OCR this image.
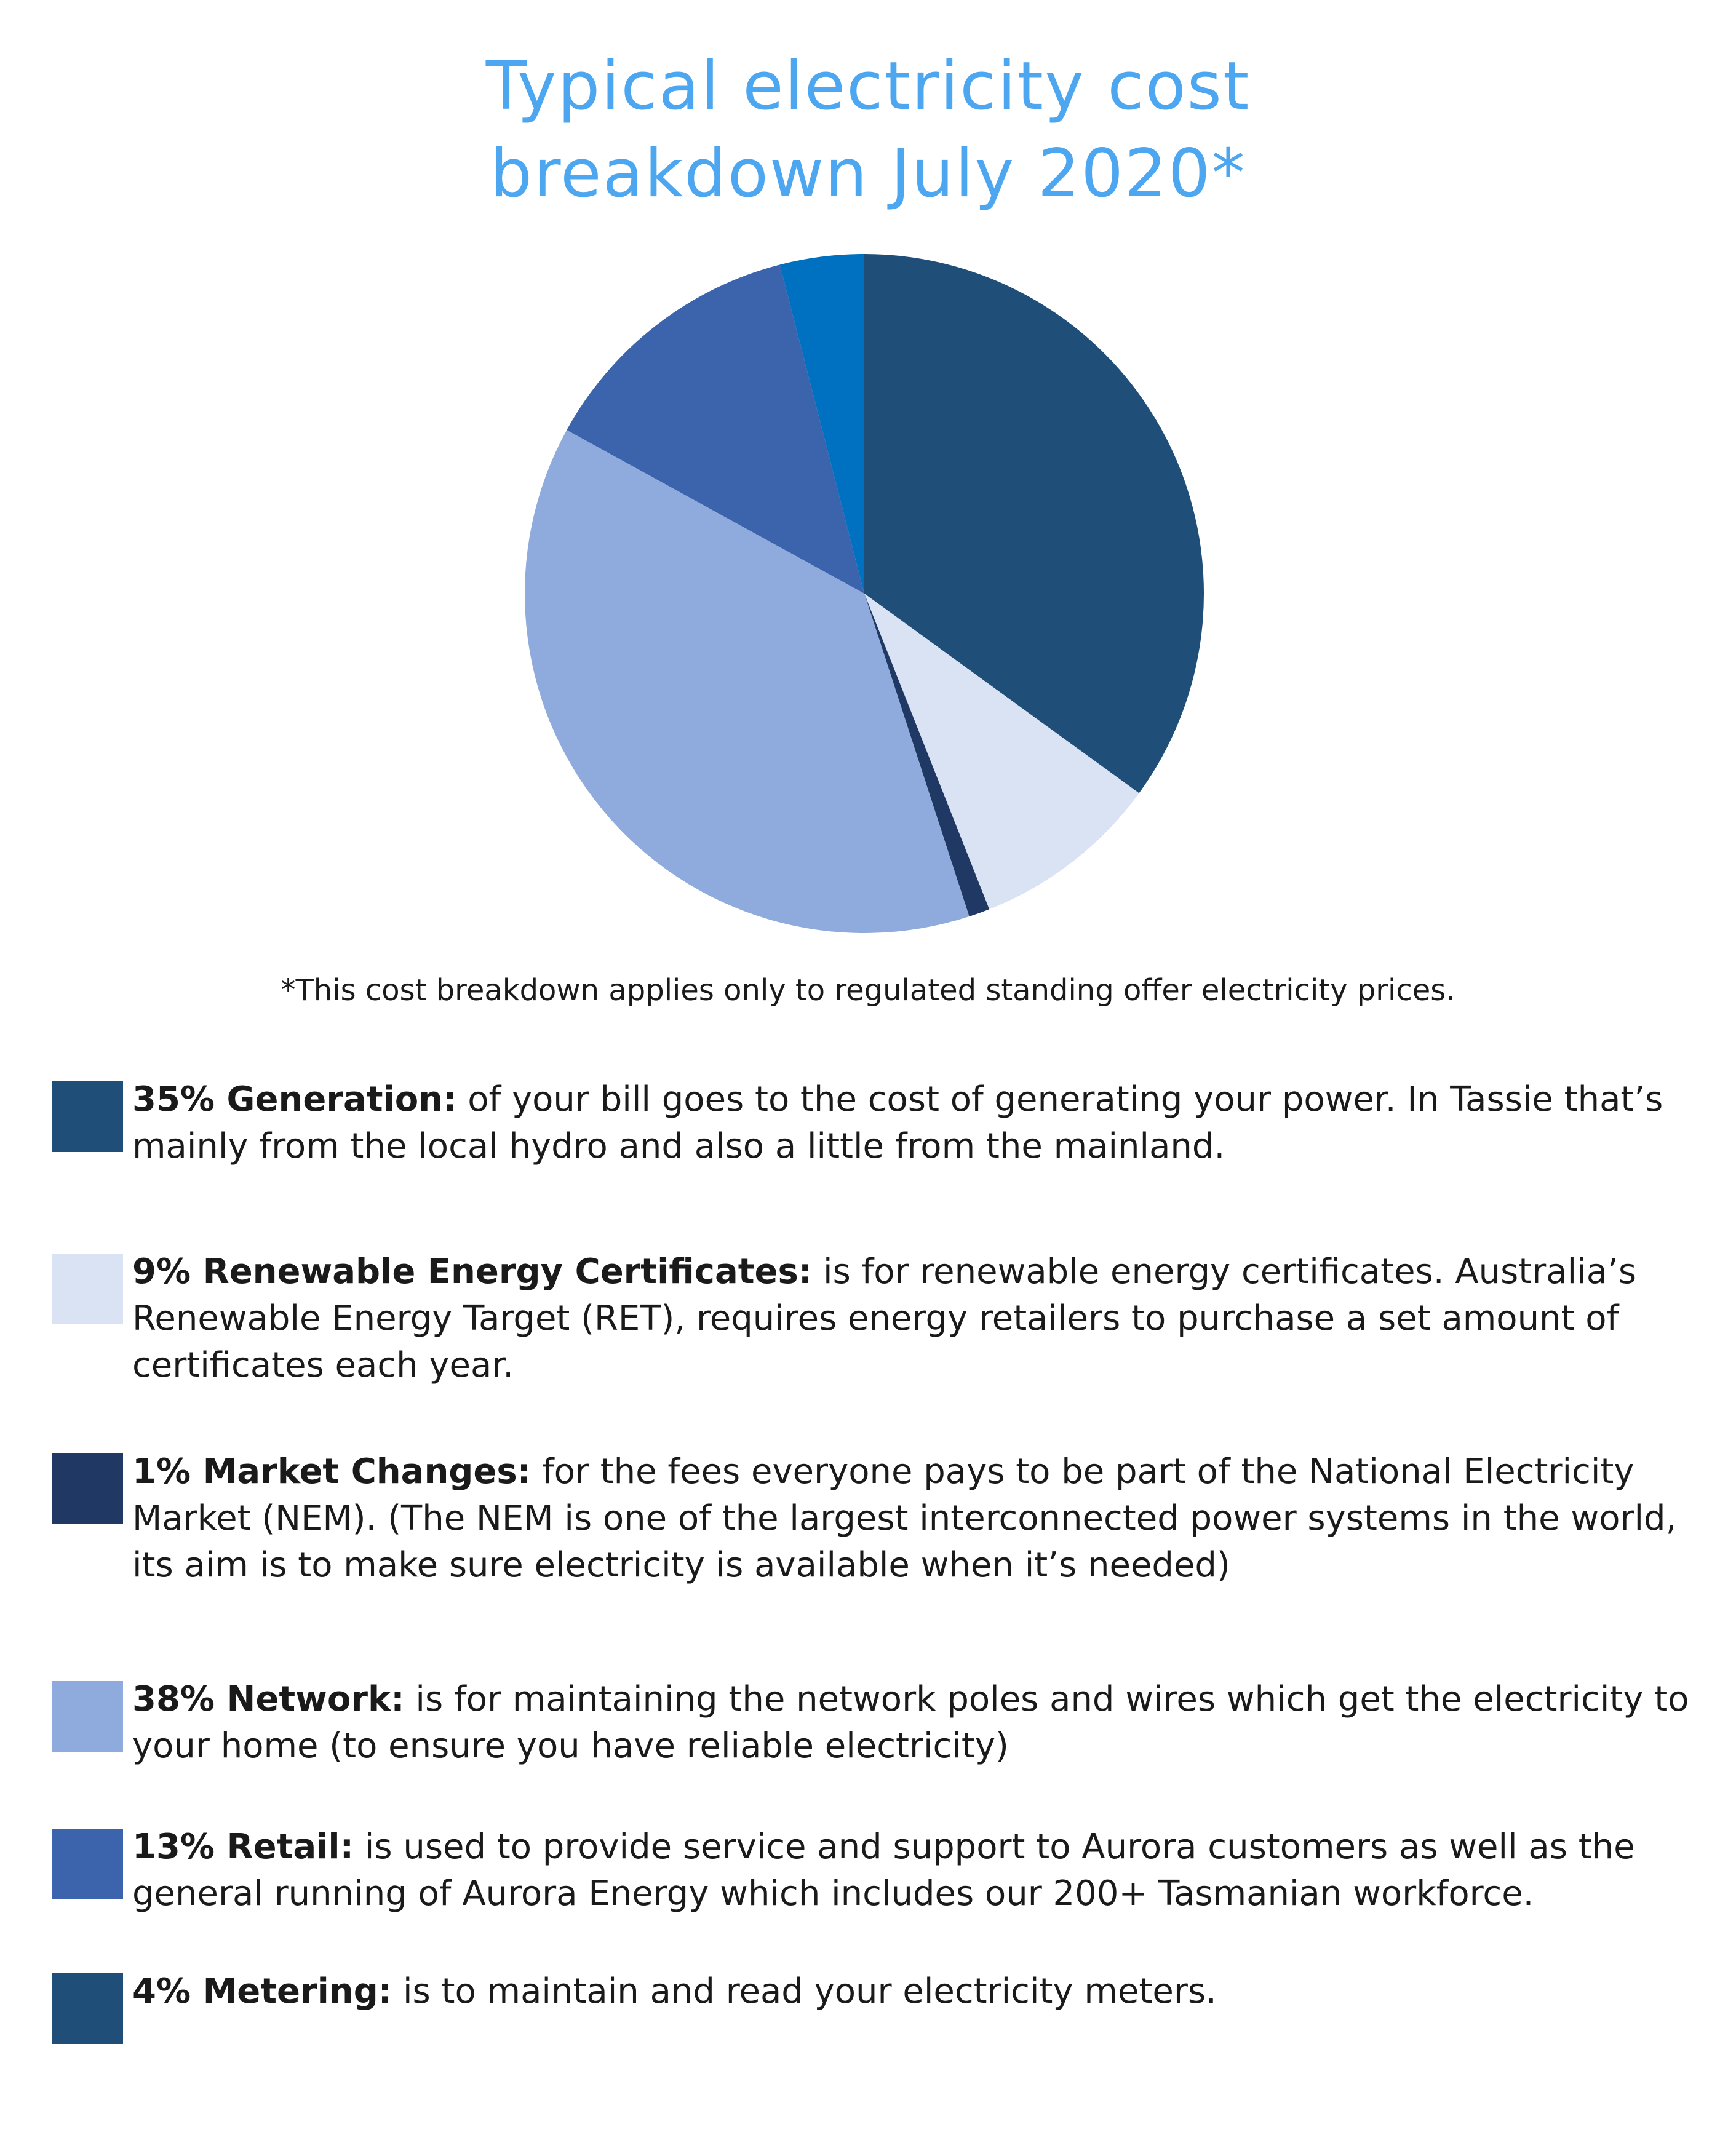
Typical electricity cost
breakdown July 2020*
*This cost breakdown applies only to regulated standing offer electricity prices.
35% Generation: of your bill goes to the cost of generating your power. In Tassie that’s mainly from the local hydro and also a little from the mainland.
9% Renewable Energy Certificates: is for renewable energy certificates. Australia’s Renewable Energy Target (RET), requires energy retailers to purchase a set amount of certificates each year.
1% Market Changes: for the fees everyone pays to be part of the National Electricity Market (NEM). (The NEM is one of the largest interconnected power systems in the world, its aim is to make sure electricity is available when it’s needed)
38% Network: is for maintaining the network poles and wires which get the electricity to your home (to ensure you have reliable electricity)
13% Retail: is used to provide service and support to Aurora customers as well as the general running of Aurora Energy which includes our 200+ Tasmanian workforce.
4% Metering: is to maintain and read your electricity meters.
